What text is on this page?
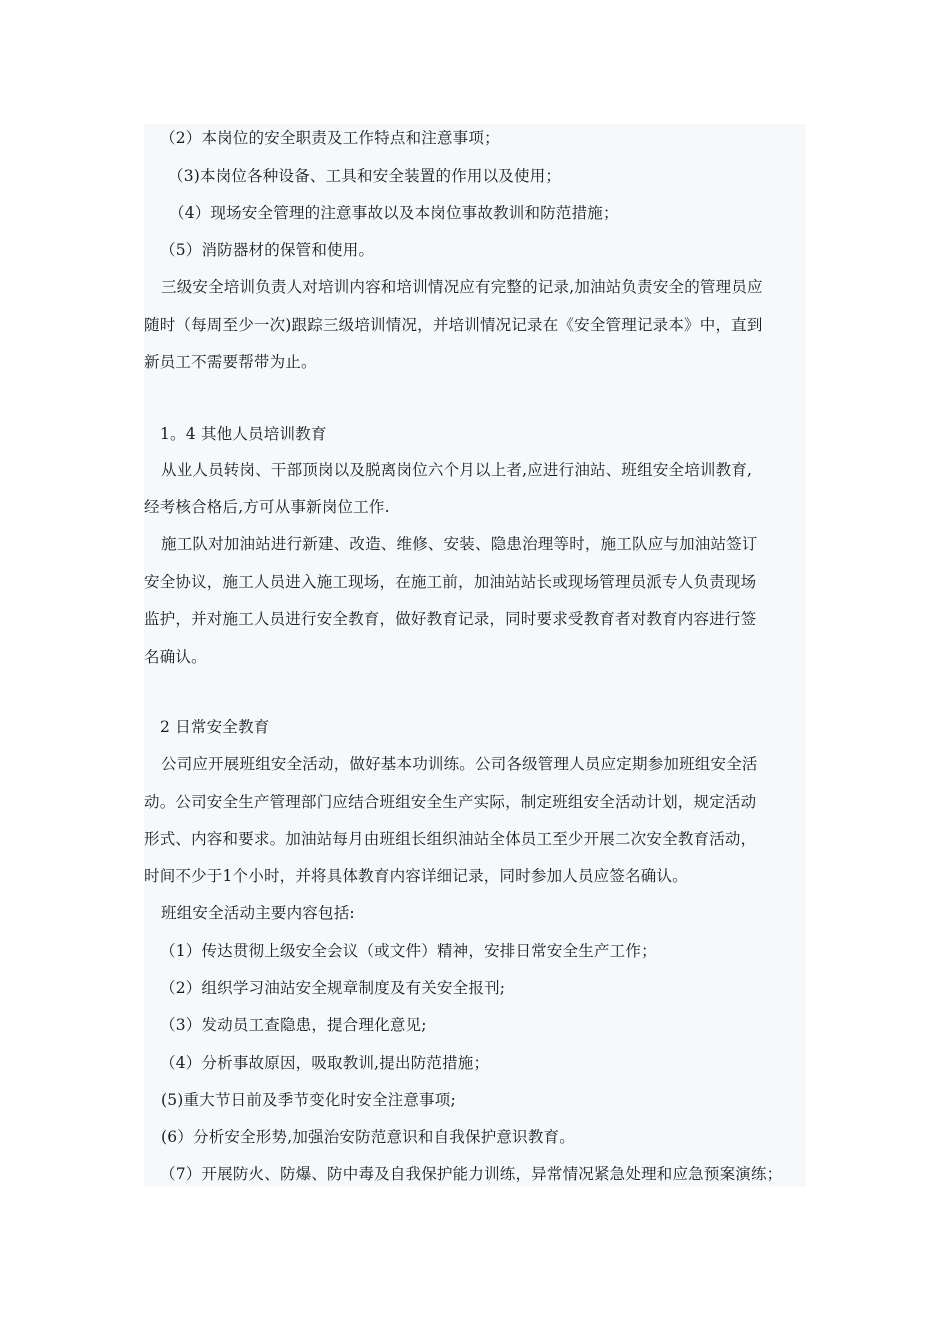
（2）本岗位的安全职责及工作特点和注意事项；
（3)本岗位各种设备、工具和安全装置的作用以及使用；
（4）现场安全管理的注意事故以及本岗位事故教训和防范措施；
（5）消防器材的保管和使用。
三级安全培训负责人对培训内容和培训情况应有完整的记录,加油站负责安全的管理员应
随时（每周至少一次)跟踪三级培训情况，并培训情况记录在《安全管理记录本》中，直到
新员工不需要帮带为止。
1。4 其他人员培训教育
从业人员转岗、干部顶岗以及脱离岗位六个月以上者,应进行油站、班组安全培训教育,
经考核合格后,方可从事新岗位工作.
施工队对加油站进行新建、改造、维修、安装、隐患治理等时，施工队应与加油站签订
安全协议，施工人员进入施工现场，在施工前，加油站站长或现场管理员派专人负责现场
监护，并对施工人员进行安全教育，做好教育记录，同时要求受教育者对教育内容进行签
名确认。
2 日常安全教育
公司应开展班组安全活动，做好基本功训练。公司各级管理人员应定期参加班组安全活
动。公司安全生产管理部门应结合班组安全生产实际，制定班组安全活动计划，规定活动
形式、内容和要求。加油站每月由班组长组织油站全体员工至少开展二次安全教育活动，
时间不少于1个小时，并将具体教育内容详细记录，同时参加人员应签名确认。
班组安全活动主要内容包括:
（1）传达贯彻上级安全会议（或文件）精神，安排日常安全生产工作；
（2）组织学习油站安全规章制度及有关安全报刊;
（3）发动员工查隐患，提合理化意见;
（4）分析事故原因，吸取教训,提出防范措施；
(5)重大节日前及季节变化时安全注意事项;
(6）分析安全形势,加强治安防范意识和自我保护意识教育。
（7）开展防火、防爆、防中毒及自我保护能力训练，异常情况紧急处理和应急预案演练；
